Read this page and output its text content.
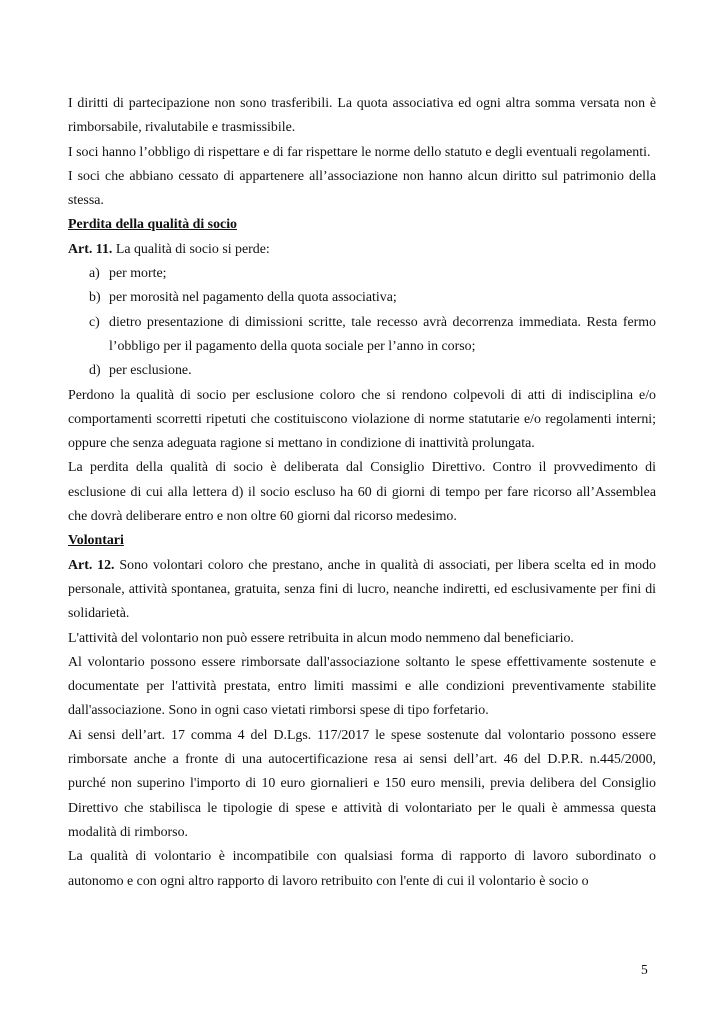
I diritti di partecipazione non sono trasferibili. La quota associativa ed ogni altra somma versata non è rimborsabile, rivalutabile e trasmissibile.

I soci hanno l’obbligo di rispettare e di far rispettare le norme dello statuto e degli eventuali regolamenti.

I soci che abbiano cessato di appartenere all’associazione non hanno alcun diritto sul patrimonio della stessa.

Perdita della qualità di socio

Art. 11. La qualità di socio si perde:

a) per morte;
b) per morosità nel pagamento della quota associativa;
c) dietro presentazione di dimissioni scritte, tale recesso avrà decorrenza immediata. Resta fermo l’obbligo per il pagamento della quota sociale per l’anno in corso;
d) per esclusione.

Perdono la qualità di socio per esclusione coloro che si rendono colpevoli di atti di indisciplina e/o comportamenti scorretti ripetuti che costituiscono violazione di norme statutarie e/o regolamenti interni; oppure che senza adeguata ragione si mettano in condizione di inattività prolungata.

La perdita della qualità di socio è deliberata dal Consiglio Direttivo. Contro il provvedimento di esclusione di cui alla lettera d) il socio escluso ha 60 di giorni di tempo per fare ricorso all’Assemblea che dovrà deliberare entro e non oltre 60 giorni dal ricorso medesimo.

Volontari

Art. 12. Sono volontari coloro che prestano, anche in qualità di associati, per libera scelta ed in modo personale, attività spontanea, gratuita, senza fini di lucro, neanche indiretti, ed esclusivamente per fini di solidarietà.

L'attività del volontario non può essere retribuita in alcun modo nemmeno dal beneficiario.

Al volontario possono essere rimborsate dall'associazione soltanto le spese effettivamente sostenute e documentate per l'attività prestata, entro limiti massimi e alle condizioni preventivamente stabilite dall'associazione. Sono in ogni caso vietati rimborsi spese di tipo forfetario.

Ai sensi dell’art. 17 comma 4 del D.Lgs. 117/2017 le spese sostenute dal volontario possono essere rimborsate anche a fronte di una autocertificazione resa ai sensi dell’art. 46 del D.P.R. n.445/2000, purché non superino l'importo di 10 euro giornalieri e 150 euro mensili, previa delibera del Consiglio Direttivo che stabilisca le tipologie di spese e attività di volontariato per le quali è ammessa questa modalità di rimborso.

La qualità di volontario è incompatibile con qualsiasi forma di rapporto di lavoro subordinato o autonomo e con ogni altro rapporto di lavoro retribuito con l'ente di cui il volontario è socio o

5
